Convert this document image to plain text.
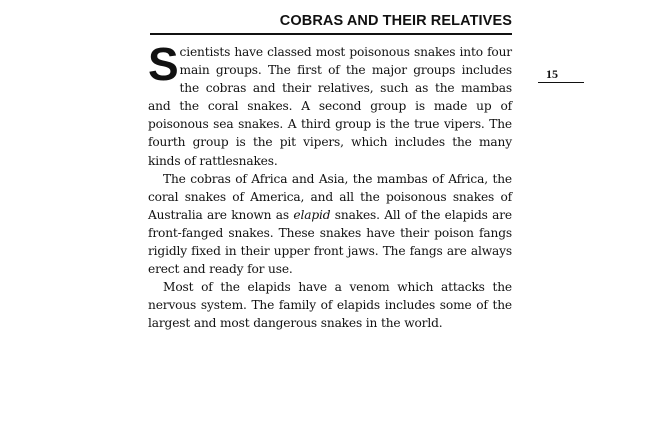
COBRAS AND THEIR RELATIVES
15

Scientists have classed most poisonous snakes into four main groups. The first of the major groups includes the cobras and their relatives, such as the mambas and the coral snakes. A second group is made up of poisonous sea snakes. A third group is the true vipers. The fourth group is the pit vipers, which includes the many kinds of rattlesnakes.

The cobras of Africa and Asia, the mambas of Africa, the coral snakes of America, and all the poisonous snakes of Australia are known as elapid snakes. All of the elapids are front-fanged snakes. These snakes have their poison fangs rigidly fixed in their upper front jaws. The fangs are always erect and ready for use.

Most of the elapids have a venom which attacks the nervous system. The family of elapids includes some of the largest and most dangerous snakes in the world.
